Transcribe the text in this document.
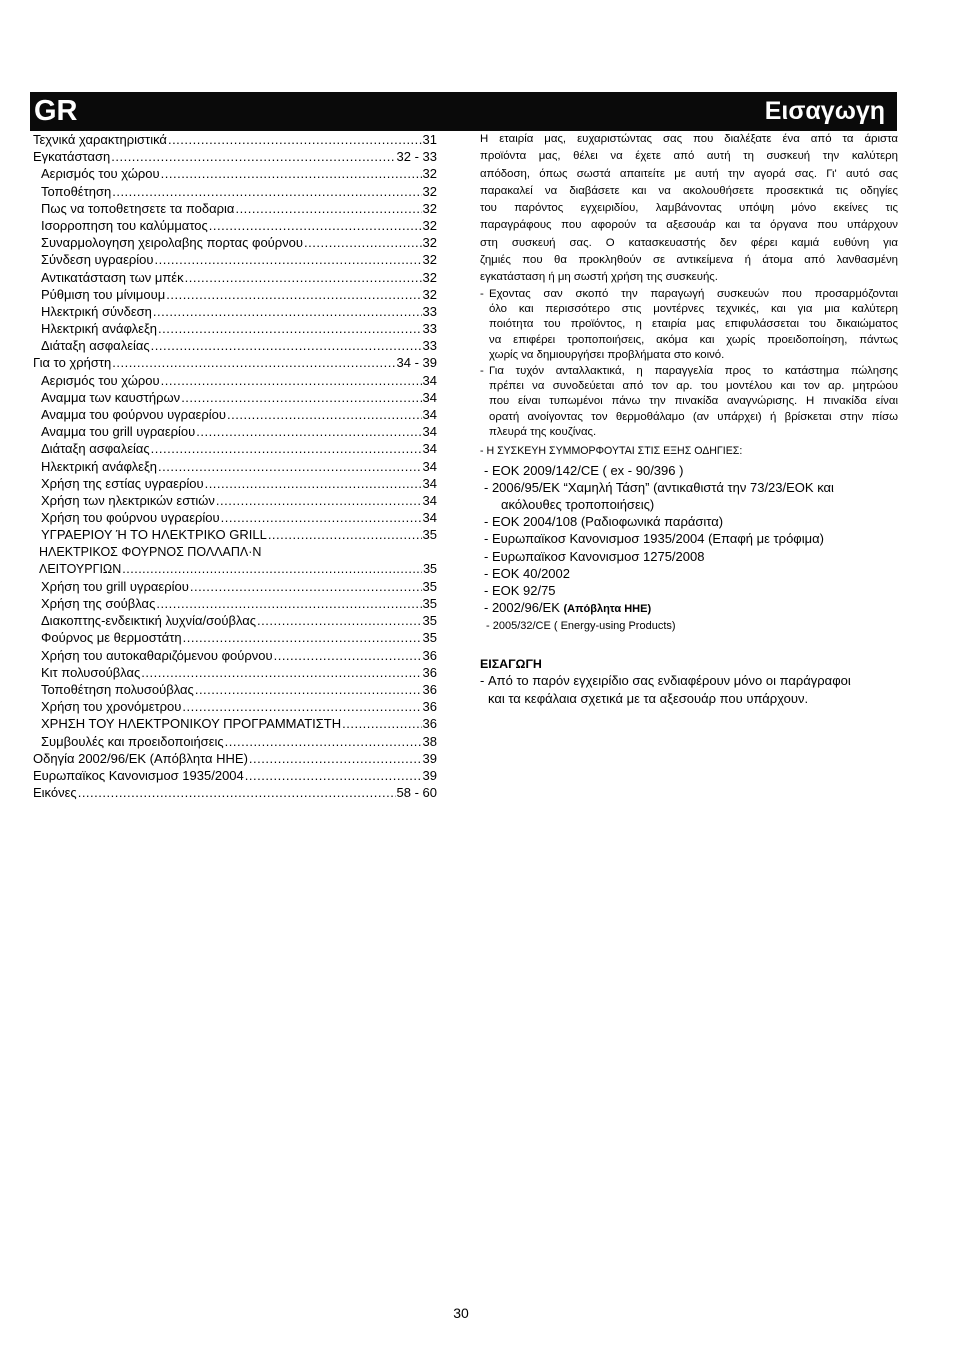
GR	Εισαγωγη
Τεχνικά χαρακτηριστικά .....	31
Εγκατάσταση .....	32 - 33
Αερισμός του χώρου .....	32
Τοποθέτηση .....	32
Πως να τοποθετησετε τα ποδαρια .....	32
Ισορροπηση του καλύμματος .....	32
Συναρμολογηση χειρολαβης πορτας φούρνου .....	32
Σύνδεση υγραερίου .....	32
Αντικατάσταση των μπέκ .....	32
Ρύθμιση του μίνιμουμ .....	32
Ηλεκτρική σύνδεση .....	33
Ηλεκτρική ανάφλεξη .....	33
Διάταξη ασφαλείας .....	33
Για το χρήστη .....	34 - 39
Αερισμός του χώρου .....	34
Αναμμα των καυστήρων .....	34
Αναμμα του φούρνου υγραερίου .....	34
Αναμμα του grill υγραερίου .....	34
Διάταξη ασφαλείας .....	34
Ηλεκτρική ανάφλεξη .....	34
Χρήση της εστίας υγραερίου .....	34
Χρήση των ηλεκτρικών εστιών .....	34
Χρήση του φούρνου υγραερίου .....	34
ΥΓΡΑΕΡΙΟΥ Ή ΤΟ ΗΛΕΚΤΡΙΚΟ GRILL .....	35
ΗΛΕΚΤΡΙΚΟΣ ΦΟΥΡΝΟΣ ΠΟΛΛΑΠΛ·Ν
ΛΕΙΤΟΥΡΓΙΩΝ .....	35
Χρήση του grill υγραερίου .....	35
Χρήση της σούβλας .....	35
Διακοπτης-ενδεικτική λυχνία/σούβλας .....	35
Φούρνος με θερμοστάτη .....	35
Χρήση του αυτοκαθαριζόμενου φούρνου .....	36
Κιτ πολυσούβλας .....	36
Τοποθέτηση πολυσούβλας .....	36
Χρήση του χρονόμετρου .....	36
ΧΡΗΣΗ ΤΟΥ ΗΛΕΚΤΡΟΝΙΚΟΥ ΠΡΟΓΡΑΜΜΑΤΙΣΤΗ .....	36
Συμβουλές και προειδοποιήσεις .....	38
Οδηγία 2002/96/ΕΚ (Απόβλητα ΗΗΕ) .....	39
Ευρωπαϊκος Κανονισμοσ 1935/2004 .....	39
Εικόνες .....	58 - 60
Η εταιρία μας, ευχαριστώντας σας που διαλέξατε ένα από τα άριστα
προϊόντα μας, θέλει να έχετε από αυτή τη συσκευή την καλύτερη
απόδοση, όπως σωστά απαιτείτε με αυτή την αγορά σας. Γι' αυτό σας
παρακαλεί να διαβάσετε και να ακολουθήσετε προσεκτικά τις οδηγίες
του παρόντος εγχειριδίου, λαμβάνοντας υπόψη μόνο εκείνες τις
παραγράφους που αφορούν τα αξεσουάρ και τα όργανα που υπάρχουν
στη συσκευή σας. Ο κατασκευαστής δεν φέρει καμιά ευθύνη για
ζημιές που θα προκληθούν σε αντικείμενα ή άτομα από λανθασμένη
εγκατάσταση ή μη σωστή χρήση της συσκευής.
- Εχοντας σαν σκοπό την παραγωγή συσκευών που προσαρμόζονται
όλο και περισσότερο στις μοντέρνες τεχνικές, και για μια καλύτερη
ποιότητα του προϊόντος, η εταιρία μας επιφυλάσσεται του δικαιώματος
να επιφέρει τροποποιήσεις, ακόμα και χωρίς προειδοποίηση, πάντως
χωρίς να δημιουργήσει προβλήματα στο κοινό.
- Για τυχόν ανταλλακτικά, η παραγγελία προς το κατάστημα πώλησης
πρέπει να συνοδεύεται από τον αρ. του μοντέλου και τον αρ. μητρώου
που είναι τυπωμένοι πάνω την πινακίδα αναγνώρισης. Η πινακίδα είναι
ορατή ανοίγοντας τον θερμοθάλαμο (αν υπάρχει) ή βρίσκεται στην πίσω
πλευρά της κουζίνας.
- Η ΣΥΣΚΕΥΗ ΣΥΜΜΟΡΦΟΥΤΑΙ ΣΤΙΣ ΕΞΗΣ ΟΔΗΓΙΕΣ:
- ΕΟΚ 2009/142/CE ( ex - 90/396 )
- 2006/95/ΕΚ “Χαμηλή Τάση” (αντικαθιστά την 73/23/ΕΟΚ και
ακόλουθες τροποποιήσεις)
- ΕΟΚ 2004/108 (Ραδιοφωνικά παράσιτα)
- Ευρωπαϊκοσ Κανονισμοσ 1935/2004 (Επαφή με τρόφιμα)
- Ευρωπαϊκοσ Κανονισμοσ 1275/2008
- ΕΟΚ 40/2002
- ΕΟΚ 92/75
- 2002/96/ΕΚ (Απόβλητα ΗΗΕ)
- 2005/32/CE ( Energy-using Products)
ΕΙΣΑΓΩΓΗ
- Από το παρόν εγχειρίδιο σας ενδιαφέρουν μόνο οι παράγραφοι
και τα κεφάλαια σχετικά με τα αξεσουάρ που υπάρχουν.
30
